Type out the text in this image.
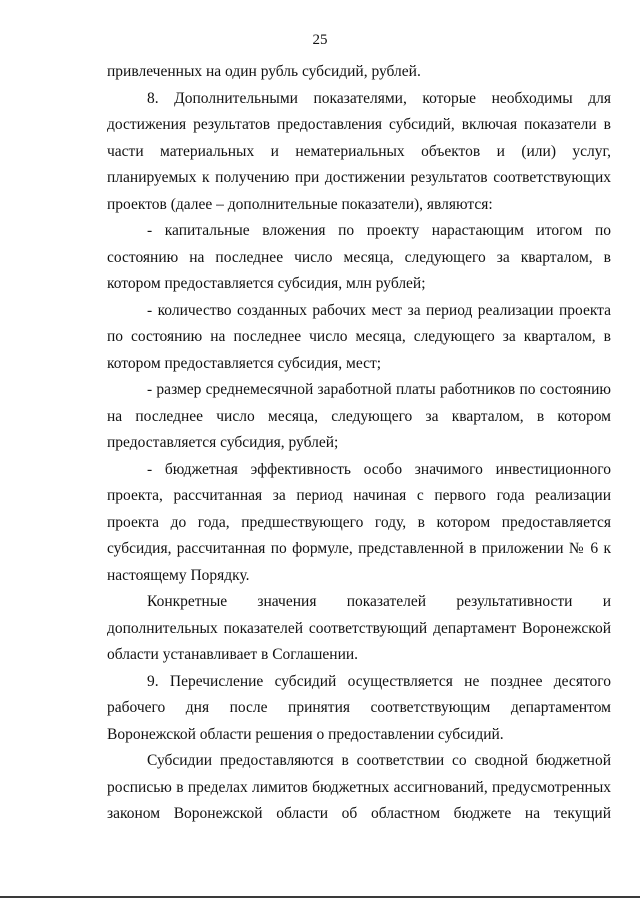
25

привлеченных на один рубль субсидий, рублей.

8. Дополнительными показателями, которые необходимы для достижения результатов предоставления субсидий, включая показатели в части материальных и нематериальных объектов и (или) услуг, планируемых к получению при достижении результатов соответствующих проектов (далее – дополнительные показатели), являются:

- капитальные вложения по проекту нарастающим итогом по состоянию на последнее число месяца, следующего за кварталом, в котором предоставляется субсидия, млн рублей;

- количество созданных рабочих мест за период реализации проекта по состоянию на последнее число месяца, следующего за кварталом, в котором предоставляется субсидия, мест;

- размер среднемесячной заработной платы работников по состоянию на последнее число месяца, следующего за кварталом, в котором предоставляется субсидия, рублей;

- бюджетная эффективность особо значимого инвестиционного проекта, рассчитанная за период начиная с первого года реализации проекта до года, предшествующего году, в котором предоставляется субсидия, рассчитанная по формуле, представленной в приложении № 6 к настоящему Порядку.

Конкретные значения показателей результативности и дополнительных показателей соответствующий департамент Воронежской области устанавливает в Соглашении.

9. Перечисление субсидий осуществляется не позднее десятого рабочего дня после принятия соответствующим департаментом Воронежской области решения о предоставлении субсидий.

Субсидии предоставляются в соответствии со сводной бюджетной росписью в пределах лимитов бюджетных ассигнований, предусмотренных законом Воронежской области об областном бюджете на текущий
